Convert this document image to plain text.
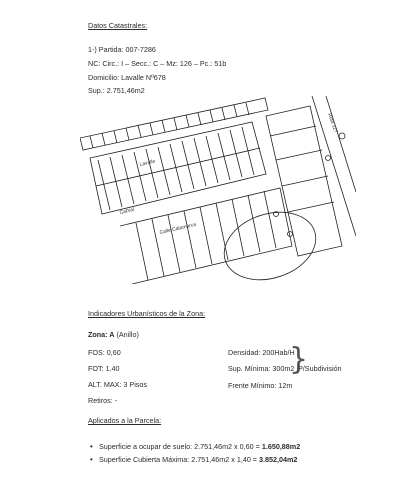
Datos Catastrales:
1-) Partida: 007-7286
NC: Circ.: I – Secc.: C – Mz: 126 – Pc.: 51b
Domicilio: Lavalle Nº678
Sup.: 2.751,46m2
Lavalle
Cabral
Calle Catamarca
Ruta 127
Indicadores Urbanísticos de la Zona:
Zona: A (Anillo)
FOS: 0,60
FOT: 1.40
ALT. MAX: 3 Pisos
Retiros: -
Densidad: 200Hab/H
Sup. Mínima: 300m2
Frente Mínimo: 12m
}
P/Subdivisión
Aplicados a la Parcela:
• Superficie a ocupar de suelo: 2.751,46m2 x 0,60 = 1.650,88m2
• Superficie Cubierta Máxima: 2.751,46m2 x 1,40 = 3.852,04m2
